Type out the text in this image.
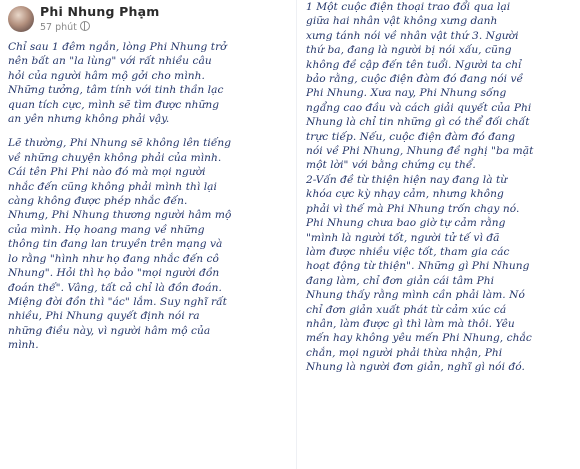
Phi Nhung Phạm
57 phút
Chỉ sau 1 đêm ngắn, lòng Phi Nhung trở
nên bất an "la lùng" với rất nhiều câu
hỏi của người hâm mộ gởi cho mình.
Những tưởng, tâm tính với tinh thần lạc
quan tích cực, mình sẽ tìm được những
an yên nhưng không phải vậy.
Lẽ thường, Phi Nhung sẽ không lên tiếng
về những chuyện không phải của mình.
Cái tên Phi Phi nào đó mà mọi người
nhắc đến cũng không phải mình thì lại
càng không được phép nhắc đến.
Nhưng, Phi Nhung thương người hâm mộ
của mình. Họ hoang mang về những
thông tin đang lan truyền trên mạng và
lo rằng "hình như họ đang nhắc đến cô
Nhung". Hỏi thì họ bảo "mọi người đồn
đoán thế". Vâng, tất cả chỉ là đồn đoán.
Miệng đời đồn thì "ác" lắm. Suy nghĩ rất
nhiều, Phi Nhung quyết định nói ra
những điều này, vì người hâm mộ của
mình.
1 Một cuộc điện thoại trao đổi qua lại
giữa hai nhân vật không xưng danh
xưng tánh nói về nhân vật thứ 3. Người
thứ ba, đang là người bị nói xấu, cũng
không đề cập đến tên tuổi. Người ta chỉ
bảo rằng, cuộc điện đàm đó đang nói về
Phi Nhung. Xưa nay, Phi Nhung sống
ngẩng cao đầu và cách giải quyết của Phi
Nhung là chỉ tin những gì có thể đối chất
trực tiếp. Nếu, cuộc điện đàm đó đang
nói về Phi Nhung, Nhung đề nghị "ba mặt
một lời" với bằng chứng cụ thể.
2-Vấn đề từ thiện hiện nay đang là từ
khóa cực kỳ nhạy cảm, nhưng không
phải vì thế mà Phi Nhung trốn chạy nó.
Phi Nhung chưa bao giờ tự cảm rằng
"mình là người tốt, người tử tế vì đã
làm được nhiều việc tốt, tham gia các
hoạt động từ thiện". Những gì Phi Nhung
đang làm, chỉ đơn giản cái tâm Phi
Nhung thấy rằng mình cần phải làm. Nó
chỉ đơn giản xuất phát từ cảm xúc cá
nhân, làm được gì thì làm mà thôi. Yêu
mến hay không yêu mến Phi Nhung, chắc
chắn, mọi người phải thừa nhận, Phi
Nhung là người đơn giản, nghĩ gì nói đó.
